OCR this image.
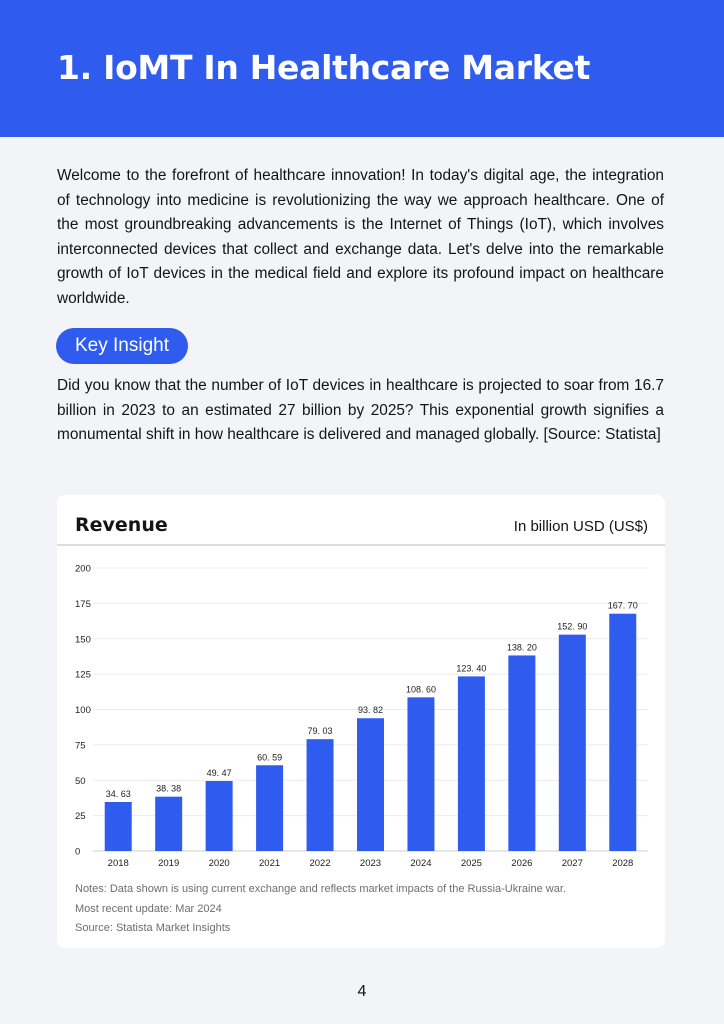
1. IoMT In Healthcare Market

Welcome to the forefront of healthcare innovation! In today's digital age, the integration of technology into medicine is revolutionizing the way we approach healthcare. One of the most groundbreaking advancements is the Internet of Things (IoT), which involves interconnected devices that collect and exchange data. Let's delve into the remarkable growth of IoT devices in the medical field and explore its profound impact on healthcare worldwide.

Key Insight

Did you know that the number of IoT devices in healthcare is projected to soar from 16.7 billion in 2023 to an estimated 27 billion by 2025? This exponential growth signifies a monumental shift in how healthcare is delivered and managed globally. [Source: Statista]

Revenue	In billion USD (US$)
0
25
50
75
100
125
150
175
200
34. 63
2018
38. 38
2019
49. 47
2020
60. 59
2021
79. 03
2022
93. 82
2023
108. 60
2024
123. 40
2025
138. 20
2026
152. 90
2027
167. 70
2028
Notes: Data shown is using current exchange and reflects market impacts of the Russia-Ukraine war.
Most recent update: Mar 2024
Source: Statista Market Insights
4
